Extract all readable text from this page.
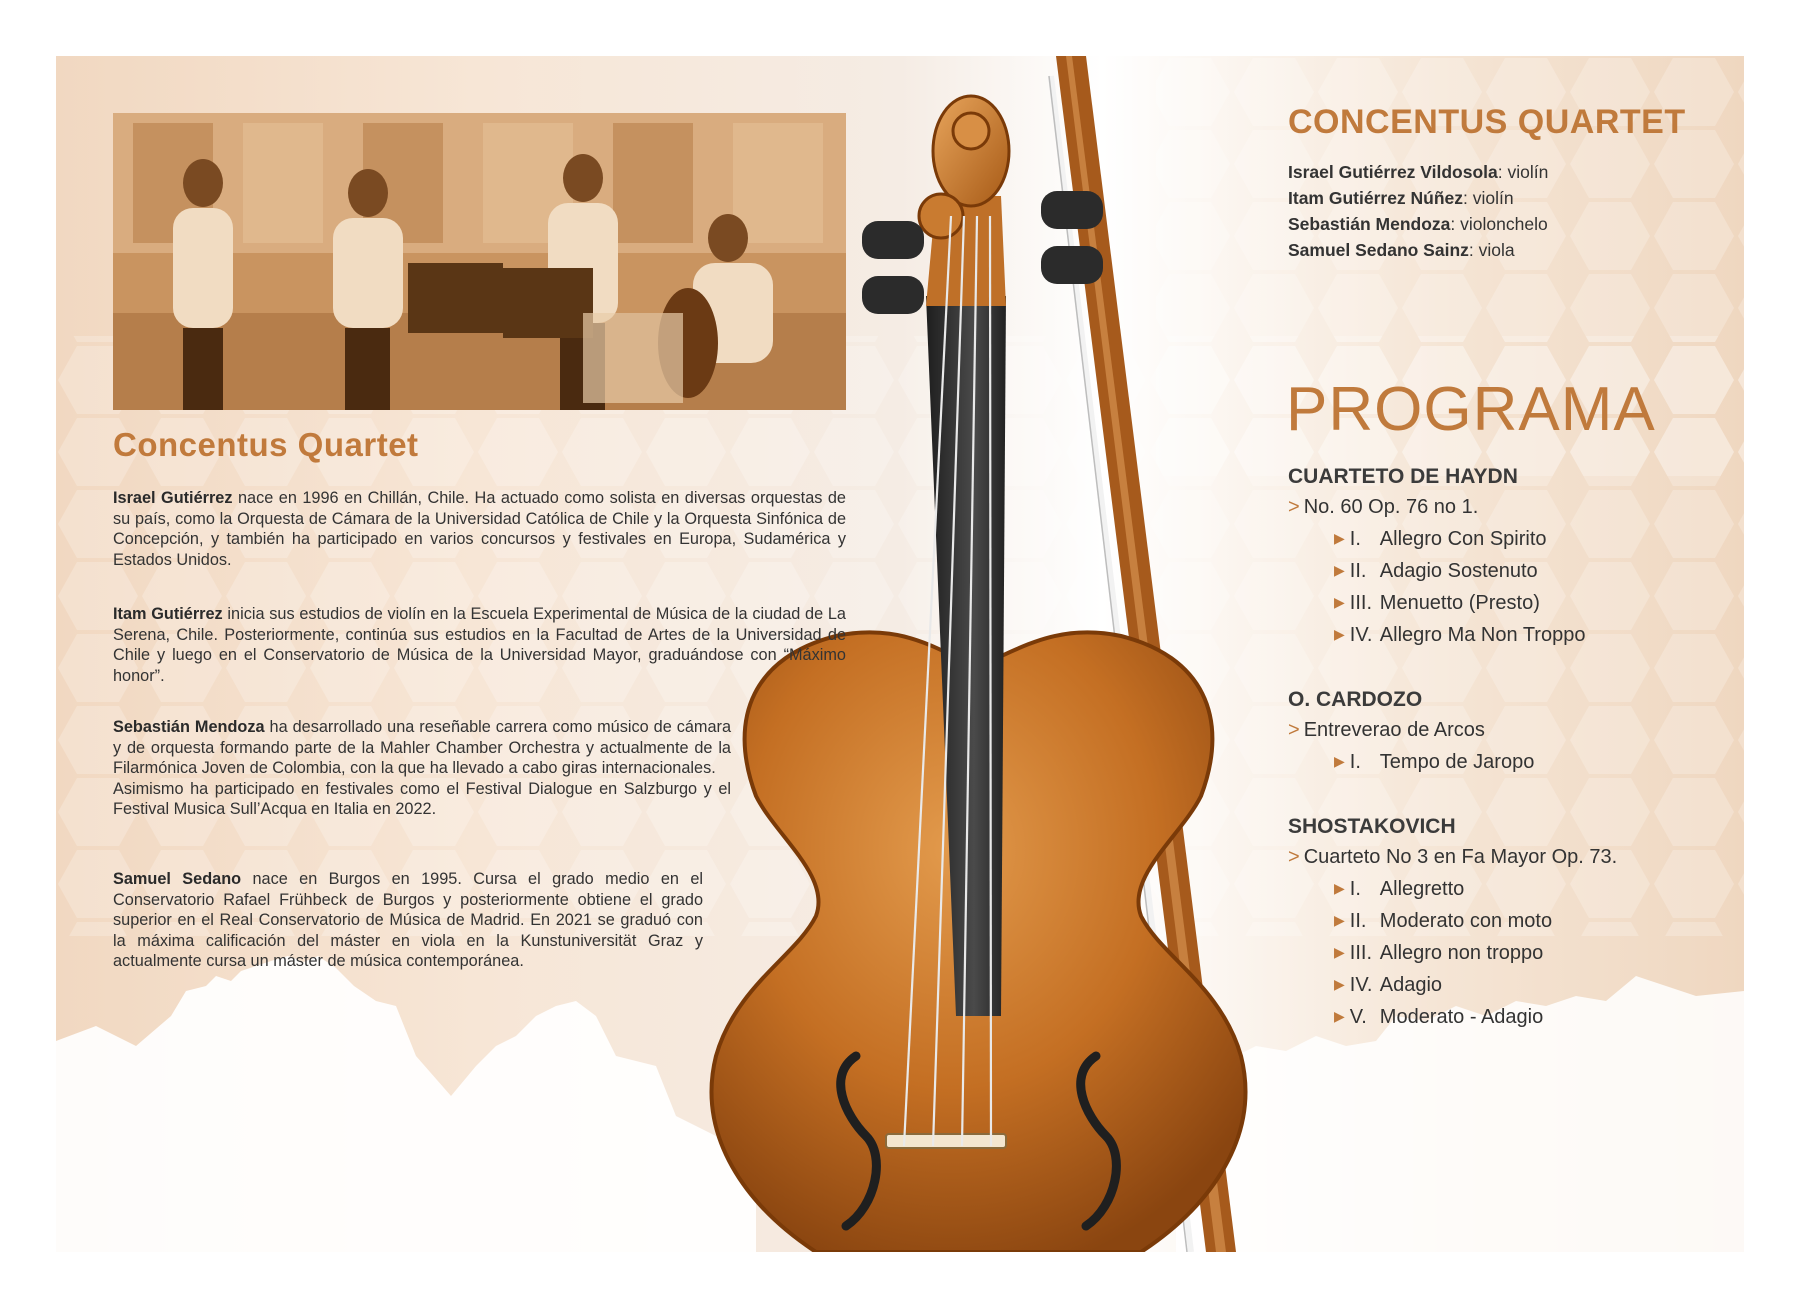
Concentus Quartet

Israel Gutiérrez nace en 1996 en Chillán, Chile. Ha actuado como solista en diversas orquestas de su país, como la Orquesta de Cámara de la Universidad Católica de Chile y la Orquesta Sinfónica de Concepción, y también ha participado en varios concursos y festivales en Europa, Sudamérica y Estados Unidos.

Itam Gutiérrez inicia sus estudios de violín en la Escuela Experimental de Música de la ciudad de La Serena, Chile. Posteriormente, continúa sus estudios en la Facultad de Artes de la Universidad de Chile y luego en el Conservatorio de Música de la Universidad Mayor, graduándose con “Máximo honor”.

Sebastián Mendoza ha desarrollado una reseñable carrera como músico de cámara y de orquesta formando parte de la Mahler Chamber Orchestra y actualmente de la Filarmónica Joven de Colombia, con la que ha llevado a cabo giras internacionales.
Asimismo ha participado en festivales como el Festival Dialogue en Salzburgo y el Festival Musica Sull’Acqua en Italia en 2022.

Samuel Sedano nace en Burgos en 1995. Cursa el grado medio en el Conservatorio Rafael Frühbeck de Burgos y posteriormente obtiene el grado superior en el Real Conservatorio de Música de Madrid. En 2021 se graduó con la máxima calificación del máster en viola en la Kunstuniversität Graz y actualmente cursa un máster de música contemporánea.

CONCENTUS QUARTET
Israel Gutiérrez Vildosola: violín
Itam Gutiérrez Núñez: violín
Sebastián Mendoza: violonchelo
Samuel Sedano Sainz: viola
PROGRAMA
CUARTETO DE HAYDN
> No. 60 Op. 76 no 1.
▶ I. Allegro Con Spirito
▶ II. Adagio Sostenuto
▶ III. Menuetto (Presto)
▶ IV. Allegro Ma Non Troppo
O. CARDOZO
> Entreverao de Arcos
▶ I. Tempo de Jaropo
SHOSTAKOVICH
> Cuarteto No 3 en Fa Mayor Op. 73.
▶ I. Allegretto
▶ II. Moderato con moto
▶ III. Allegro non troppo
▶ IV. Adagio
▶ V. Moderato - Adagio
